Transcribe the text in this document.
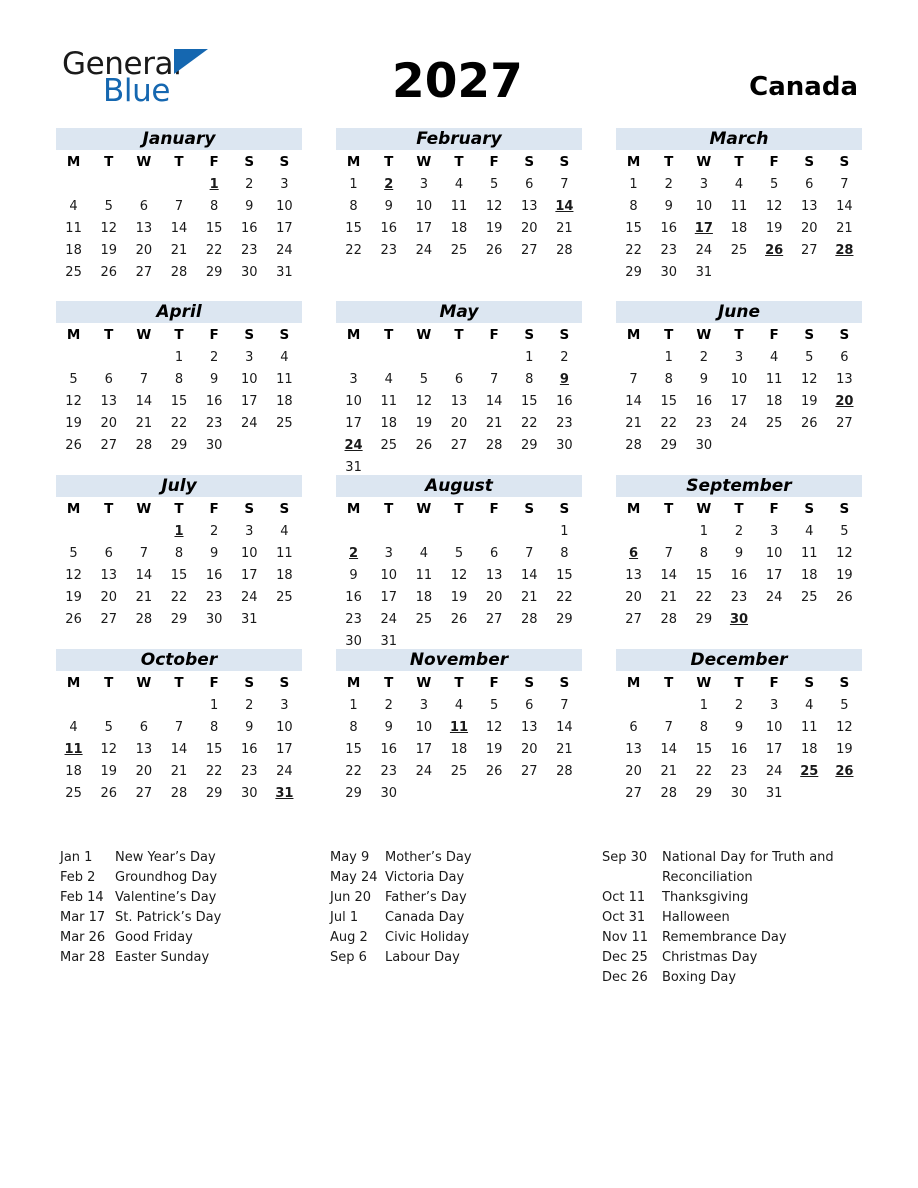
General
Blue	2027	Canada
January
M	T	W	T	F	S	S
				1	2	3
4	5	6	7	8	9	10
11	12	13	14	15	16	17
18	19	20	21	22	23	24
25	26	27	28	29	30	31

February
M	T	W	T	F	S	S
1	2	3	4	5	6	7
8	9	10	11	12	13	14
15	16	17	18	19	20	21
22	23	24	25	26	27	28

March
M	T	W	T	F	S	S
1	2	3	4	5	6	7
8	9	10	11	12	13	14
15	16	17	18	19	20	21
22	23	24	25	26	27	28
29	30	31				

April
M	T	W	T	F	S	S
			1	2	3	4
5	6	7	8	9	10	11
12	13	14	15	16	17	18
19	20	21	22	23	24	25
26	27	28	29	30		

May
M	T	W	T	F	S	S
					1	2
3	4	5	6	7	8	9
10	11	12	13	14	15	16
17	18	19	20	21	22	23
24	25	26	27	28	29	30
31						
June
M	T	W	T	F	S	S
	1	2	3	4	5	6
7	8	9	10	11	12	13
14	15	16	17	18	19	20
21	22	23	24	25	26	27
28	29	30				

July
M	T	W	T	F	S	S
			1	2	3	4
5	6	7	8	9	10	11
12	13	14	15	16	17	18
19	20	21	22	23	24	25
26	27	28	29	30	31	

August
M	T	W	T	F	S	S
						1
2	3	4	5	6	7	8
9	10	11	12	13	14	15
16	17	18	19	20	21	22
23	24	25	26	27	28	29
30	31					
September
M	T	W	T	F	S	S
		1	2	3	4	5
6	7	8	9	10	11	12
13	14	15	16	17	18	19
20	21	22	23	24	25	26
27	28	29	30			

October
M	T	W	T	F	S	S
				1	2	3
4	5	6	7	8	9	10
11	12	13	14	15	16	17
18	19	20	21	22	23	24
25	26	27	28	29	30	31

November
M	T	W	T	F	S	S
1	2	3	4	5	6	7
8	9	10	11	12	13	14
15	16	17	18	19	20	21
22	23	24	25	26	27	28
29	30					

December
M	T	W	T	F	S	S
		1	2	3	4	5
6	7	8	9	10	11	12
13	14	15	16	17	18	19
20	21	22	23	24	25	26
27	28	29	30	31		

Jan 1	New Year’s Day
Feb 2	Groundhog Day
Feb 14 Valentine’s Day
Mar 17 St. Patrick’s Day
Mar 26 Good Friday
Mar 28 Easter Sunday
May 9	Mother’s Day
May 24 Victoria Day
Jun 20	Father’s Day
Jul 1	Canada Day
Aug 2	Civic Holiday
Sep 6	Labour Day
Sep 30	National Day for Truth and Reconciliation
Oct 11	Thanksgiving
Oct 31	Halloween
Nov 11	Remembrance Day
Dec 25	Christmas Day
Dec 26	Boxing Day
